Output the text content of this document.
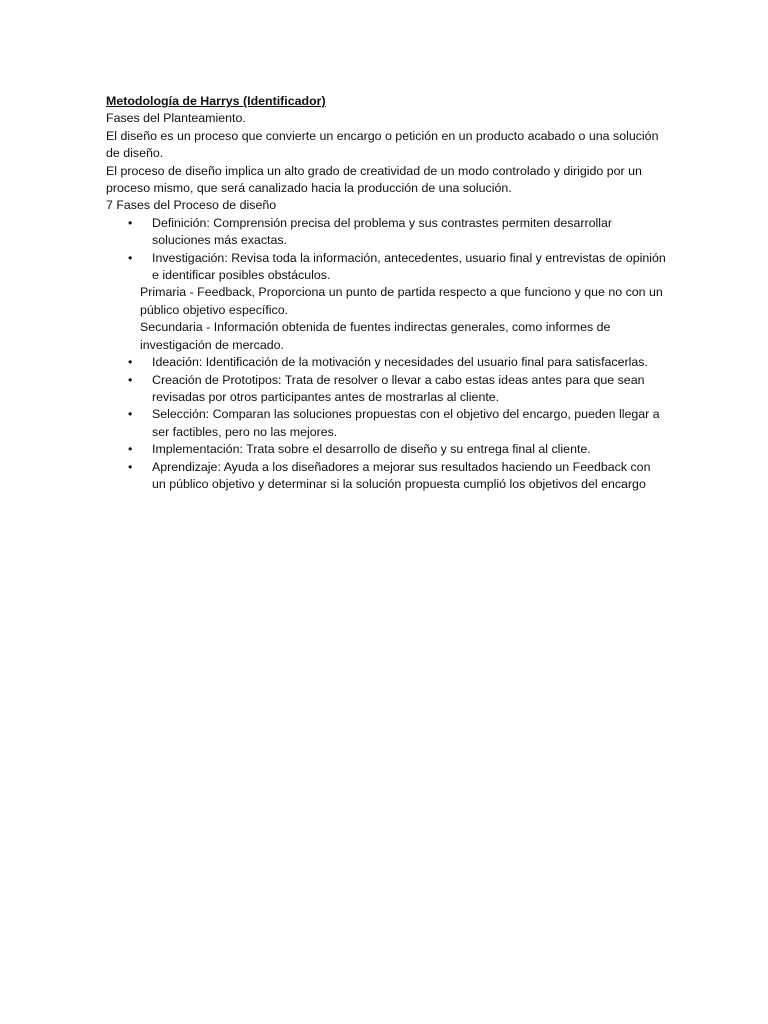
Metodología de Harrys (Identificador)

Fases del Planteamiento.

El diseño es un proceso que convierte un encargo o petición en un producto acabado o una solución de diseño.

El proceso de diseño implica un alto grado de creatividad de un modo controlado y dirigido por un proceso mismo, que será canalizado hacia la producción de una solución.

7 Fases del Proceso de diseño

• Definición: Comprensión precisa del problema y sus contrastes permiten desarrollar soluciones más exactas.
• Investigación: Revisa toda la información, antecedentes, usuario final y entrevistas de opinión e identificar posibles obstáculos.

Primaria - Feedback, Proporciona un punto de partida respecto a que funciono y que no con un público objetivo específico.

Secundaria - Información obtenida de fuentes indirectas generales, como informes de investigación de mercado.

• Ideación: Identificación de la motivación y necesidades del usuario final para satisfacerlas.
• Creación de Prototipos: Trata de resolver o llevar a cabo estas ideas antes para que sean revisadas por otros participantes antes de mostrarlas al cliente.
• Selección: Comparan las soluciones propuestas con el objetivo del encargo, pueden llegar a ser factibles, pero no las mejores.
• Implementación: Trata sobre el desarrollo de diseño y su entrega final al cliente.
• Aprendizaje: Ayuda a los diseñadores a mejorar sus resultados haciendo un Feedback con un público objetivo y determinar si la solución propuesta cumplió los objetivos del encargo
